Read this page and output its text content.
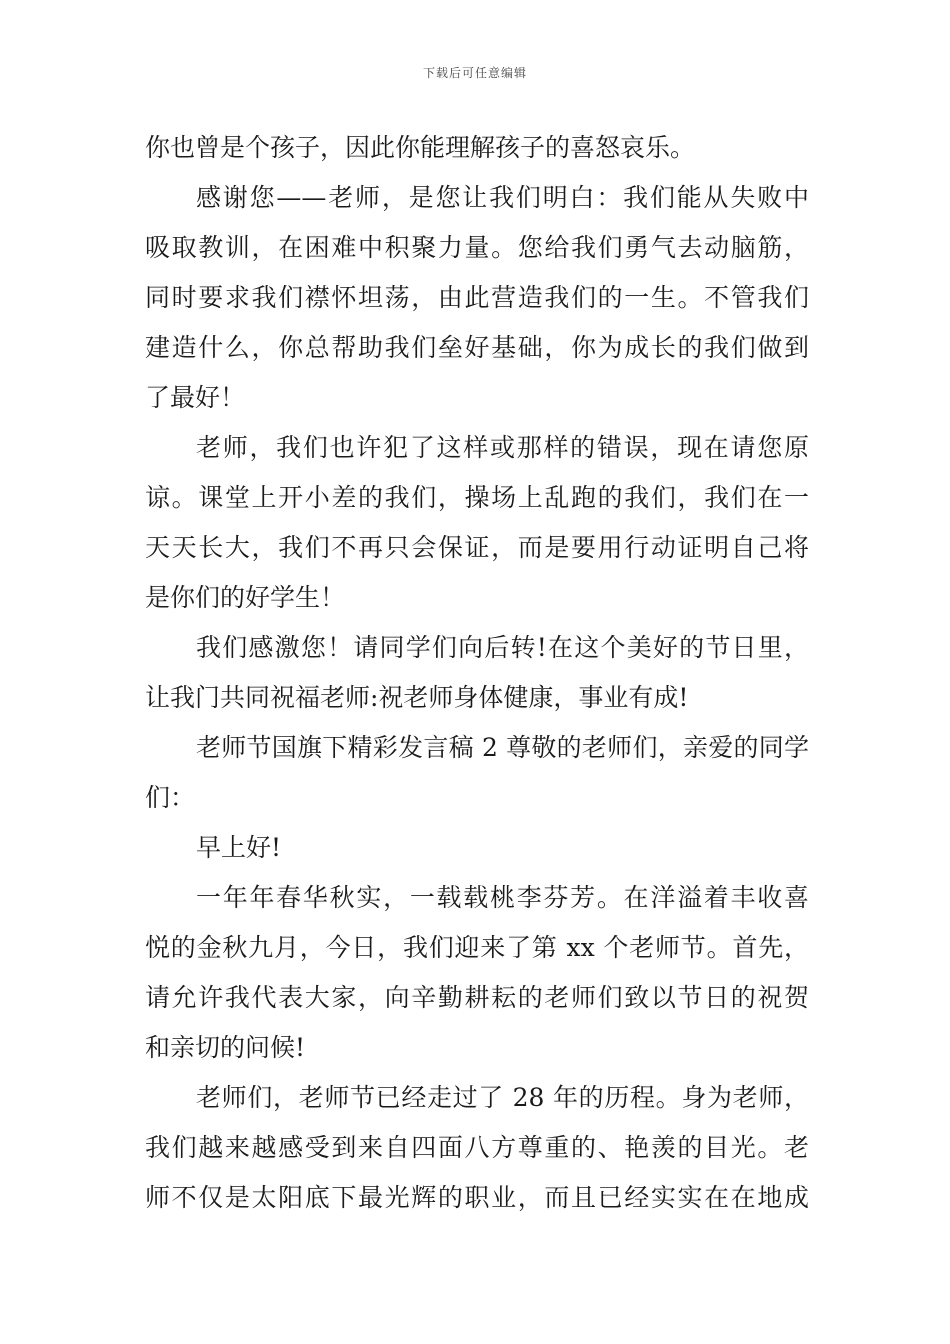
下载后可任意编辑
你也曾是个孩子，因此你能理解孩子的喜怒哀乐。
感谢您——老师，是您让我们明白：我们能从失败中
吸取教训，在困难中积聚力量。您给我们勇气去动脑筋，
同时要求我们襟怀坦荡，由此营造我们的一生。不管我们
建造什么，你总帮助我们垒好基础，你为成长的我们做到
了最好！
老师，我们也许犯了这样或那样的错误，现在请您原
谅。课堂上开小差的我们，操场上乱跑的我们，我们在一
天天长大，我们不再只会保证，而是要用行动证明自己将
是你们的好学生！
我们感激您！请同学们向后转!在这个美好的节日里，
让我门共同祝福老师:祝老师身体健康，事业有成!
老师节国旗下精彩发言稿 2 尊敬的老师们，亲爱的同学
们：
早上好!
一年年春华秋实，一载载桃李芬芳。在洋溢着丰收喜
悦的金秋九月，今日，我们迎来了第 xx 个老师节。首先，
请允许我代表大家，向辛勤耕耘的老师们致以节日的祝贺
和亲切的问候!
老师们，老师节已经走过了 28 年的历程。身为老师，
我们越来越感受到来自四面八方尊重的、艳羡的目光。老
师不仅是太阳底下最光辉的职业，而且已经实实在在地成
